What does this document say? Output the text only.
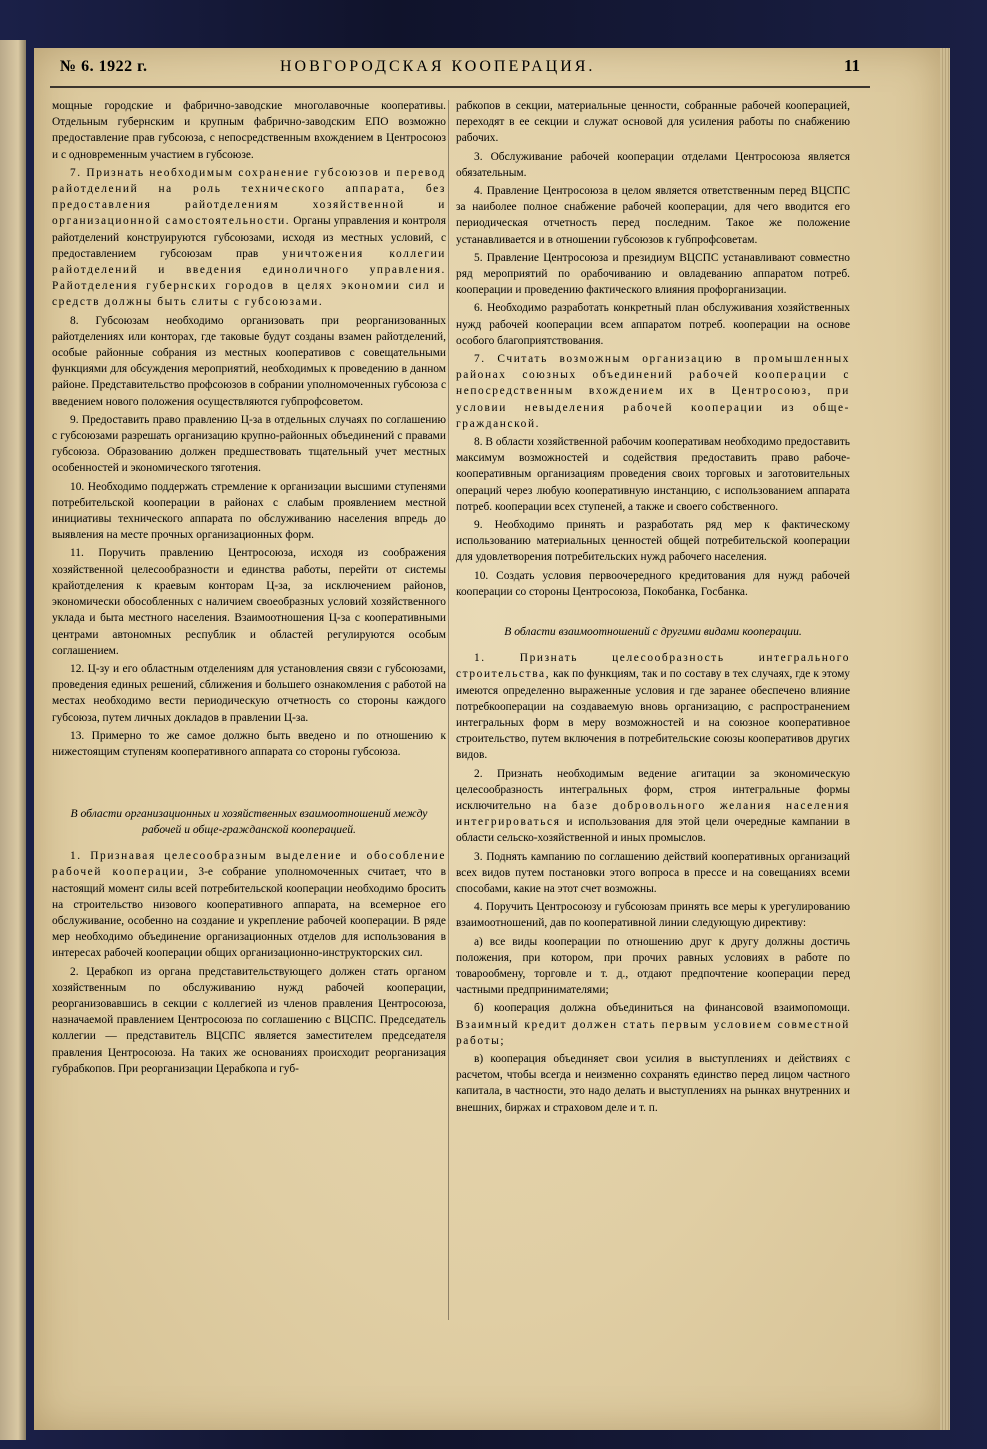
№ 6. 1922 г.	НОВГОРОДСКАЯ КООПЕРАЦИЯ.	11

мощные городские и фабрично-заводские многолавочные кооперативы. Отдельным губернским и крупным фабрично-заводским ЕПО возможно предоставление прав губсоюза, с непосредственным вхождением в Центросоюз и с одновременным участием в губсоюзе.

7. Признать необходимым сохранение губсоюзов и перевод райотделений на роль технического аппарата, без предоставления райотделениям хозяйственной и организационной самостоятельности. Органы управления и контроля райотделений конструируются губсоюзами, исходя из местных условий, с предоставлением губсоюзам прав уничтожения коллегии райотделений и введения единоличного управления. Райотделения губернских городов в целях экономии сил и средств должны быть слиты с губсоюзами.

8. Губсоюзам необходимо организовать при реорганизованных райотделениях или конторах, где таковые будут созданы взамен райотделений, особые районные собрания из местных кооперативов с совещательными функциями для обсуждения мероприятий, необходимых к проведению в данном районе. Представительство профсоюзов в собрании уполномоченных губсоюза с введением нового положения осуществляются губпрофсоветом.

9. Предоставить право правлению Ц-за в отдельных случаях по соглашению с губсоюзами разрешать организацию крупно-районных объединений с правами губсоюза. Образованию должен предшествовать тщательный учет местных особенностей и экономического тяготения.

10. Необходимо поддержать стремление к организации высшими ступенями потребительской кооперации в районах с слабым проявлением местной инициативы технического аппарата по обслуживанию населения впредь до выявления на месте прочных организационных форм.

11. Поручить правлению Центросоюза, исходя из соображения хозяйственной целесообразности и единства работы, перейти от системы крайотделения к краевым конторам Ц-за, за исключением районов, экономически обособленных с наличием своеобразных условий хозяйственного уклада и быта местного населения. Взаимоотношения Ц-за с кооперативными центрами автономных республик и областей регулируются особым соглашением.

12. Ц-зу и его областным отделениям для установления связи с губсоюзами, проведения единых решений, сближения и большего ознакомления с работой на местах необходимо вести периодическую отчетность со стороны каждого губсоюза, путем личных докладов в правлении Ц-за.

13. Примерно то же самое должно быть введено и по отношению к нижестоящим ступеням кооперативного аппарата со стороны губсоюза.

В области организационных и хозяйственных взаимоотношений между рабочей и обще-гражданской кооперацией.

1. Признавая целесообразным выделение и обособление рабочей кооперации, 3-е собрание уполномоченных считает, что в настоящий момент силы всей потребительской кооперации необходимо бросить на строительство низового кооперативного аппарата, на всемерное его обслуживание, особенно на создание и укрепление рабочей кооперации. В ряде мер необходимо объединение организационных отделов для использования в интересах рабочей кооперации общих организационно-инструкторских сил.

2. Церабкоп из органа представительствующего должен стать органом хозяйственным по обслуживанию нужд рабочей кооперации, реорганизовавшись в секции с коллегией из членов правления Центросоюза, назначаемой правлением Центросоюза по соглашению с ВЦСПС. Председатель коллегии — представитель ВЦСПС является заместителем председателя правления Центросоюза. На таких же основаниях происходит реорганизация губрабкопов. При реорганизации Церабкопа и губ-

рабкопов в секции, материальные ценности, собранные рабочей кооперацией, переходят в ее секции и служат основой для усиления работы по снабжению рабочих.

3. Обслуживание рабочей кооперации отделами Центросоюза является обязательным.

4. Правление Центросоюза в целом является ответственным перед ВЦСПС за наиболее полное снабжение рабочей кооперации, для чего вводится его периодическая отчетность перед последним. Такое же положение устанавливается и в отношении губсоюзов к губпрофсоветам.

5. Правление Центросоюза и президиум ВЦСПС устанавливают совместно ряд мероприятий по орабочиванию и овладеванию аппаратом потреб. кооперации и проведению фактического влияния профорганизации.

6. Необходимо разработать конкретный план обслуживания хозяйственных нужд рабочей кооперации всем аппаратом потреб. кооперации на основе особого благоприятствования.

7. Считать возможным организацию в промышленных районах союзных объединений рабочей кооперации с непосредственным вхождением их в Центросоюз, при условии невыделения рабочей кооперации из обще-гражданской.

8. В области хозяйственной рабочим кооперативам необходимо предоставить максимум возможностей и содействия предоставить право рабоче-кооперативным организациям проведения своих торговых и заготовительных операций через любую кооперативную инстанцию, с использованием аппарата потреб. кооперации всех ступеней, а также и своего собственного.

9. Необходимо принять и разработать ряд мер к фактическому использованию материальных ценностей общей потребительской кооперации для удовлетворения потребительских нужд рабочего населения.

10. Создать условия первоочередного кредитования для нужд рабочей кооперации со стороны Центросоюза, Покобанка, Госбанка.

В области взаимоотношений с другими видами кооперации.

1. Признать целесообразность интегрального строительства, как по функциям, так и по составу в тех случаях, где к этому имеются определенно выраженные условия и где заранее обеспечено влияние потребкооперации на создаваемую вновь организацию, с распространением интегральных форм в меру возможностей и на союзное кооперативное строительство, путем включения в потребительские союзы кооперативов других видов.

2. Признать необходимым ведение агитации за экономическую целесообразность интегральных форм, строя интегральные формы исключительно на базе добровольного желания населения интегрироваться и использования для этой цели очередные кампании в области сельско-хозяйственной и иных промыслов.

3. Поднять кампанию по соглашению действий кооперативных организаций всех видов путем постановки этого вопроса в прессе и на совещаниях всеми способами, какие на этот счет возможны.

4. Поручить Центросоюзу и губсоюзам принять все меры к урегулированию взаимоотношений, дав по кооперативной линии следующую директиву:

а) все виды кооперации по отношению друг к другу должны достичь положения, при котором, при прочих равных условиях в работе по товарообмену, торговле и т. д., отдают предпочтение кооперации перед частными предпринимателями;

б) кооперация должна объединиться на финансовой взаимопомощи. Взаимный кредит должен стать первым условием совместной работы;

в) кооперация объединяет свои усилия в выступлениях и действиях с расчетом, чтобы всегда и неизменно сохранять единство перед лицом частного капитала, в частности, это надо делать и выступлениях на рынках внутренних и внешних, биржах и страховом деле и т. п.
